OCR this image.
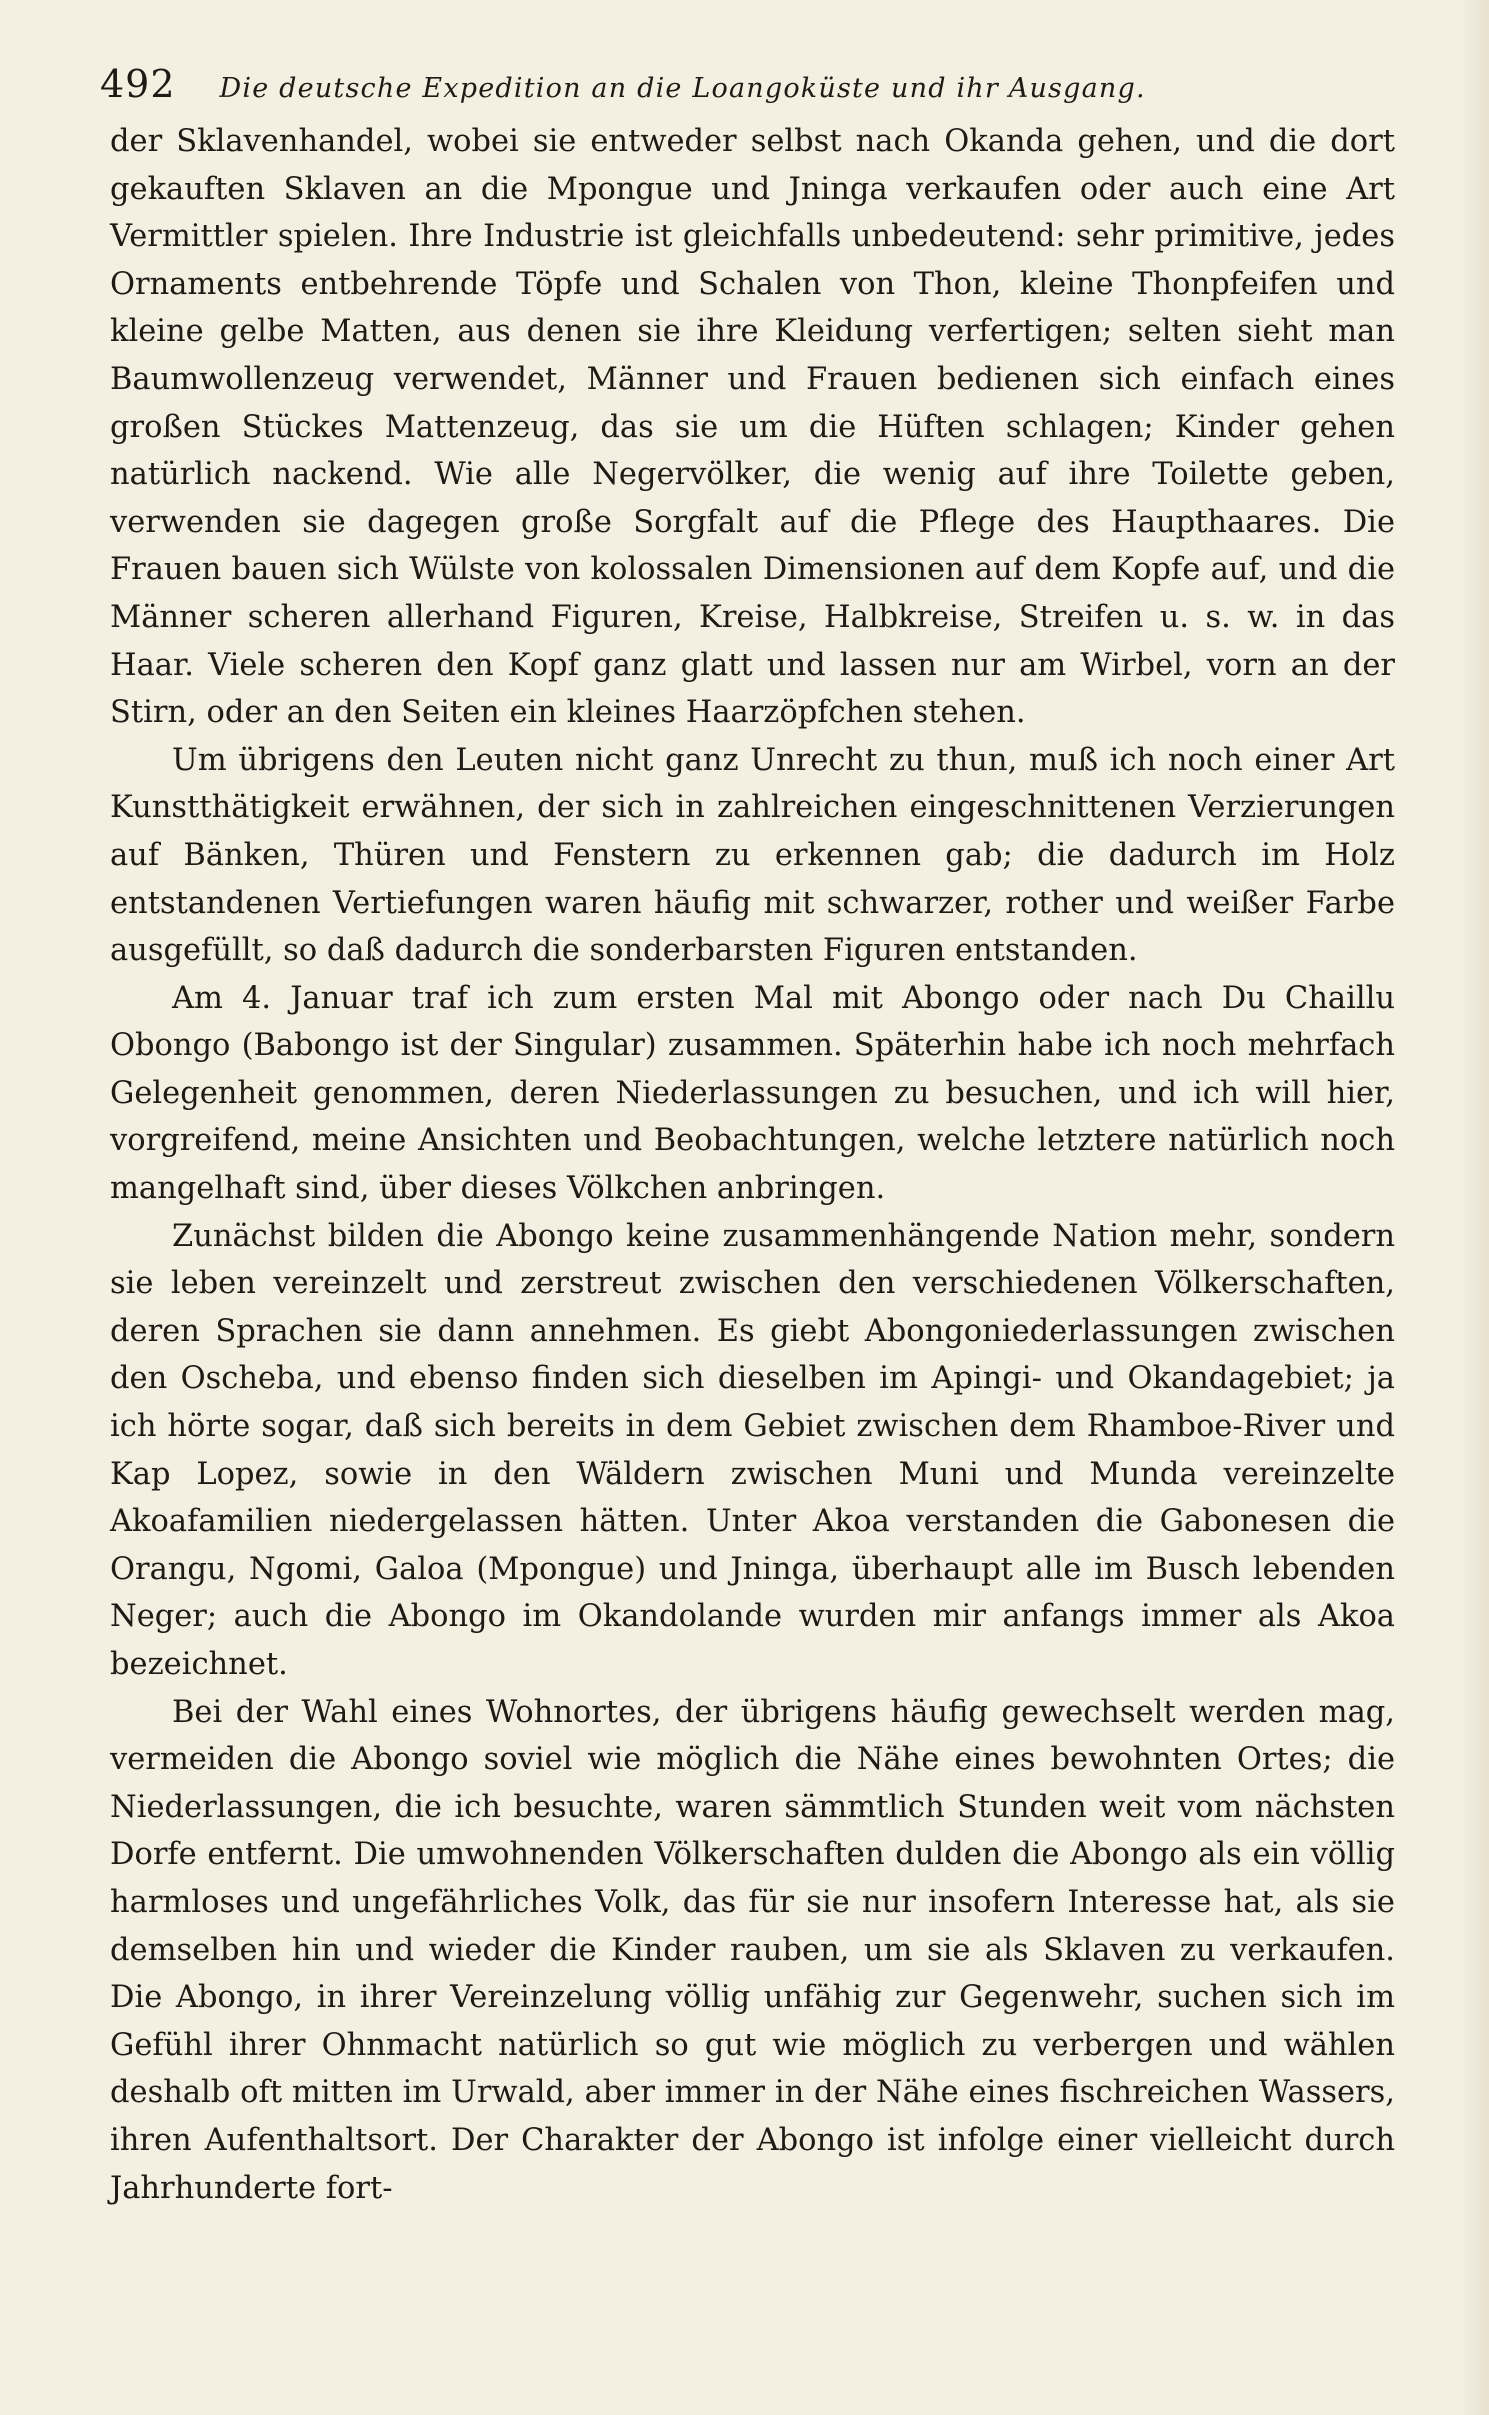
492 Die deutsche Expedition an die Loangoküste und ihr Ausgang.

der Sklavenhandel, wobei sie entweder selbst nach Okanda gehen, und die dort gekauften Sklaven an die Mpongue und Jninga verkaufen oder auch eine Art Vermittler spielen. Ihre Industrie ist gleichfalls unbedeutend: sehr primitive, jedes Ornaments entbehrende Töpfe und Schalen von Thon, kleine Thonpfeifen und kleine gelbe Matten, aus denen sie ihre Kleidung verfertigen; selten sieht man Baumwollenzeug verwendet, Männer und Frauen bedienen sich einfach eines großen Stückes Mattenzeug, das sie um die Hüften schlagen; Kinder gehen natürlich nackend. Wie alle Negervölker, die wenig auf ihre Toilette geben, verwenden sie dagegen große Sorgfalt auf die Pflege des Haupthaares. Die Frauen bauen sich Wülste von kolossalen Dimensionen auf dem Kopfe auf, und die Männer scheren allerhand Figuren, Kreise, Halbkreise, Streifen u. s. w. in das Haar. Viele scheren den Kopf ganz glatt und lassen nur am Wirbel, vorn an der Stirn, oder an den Seiten ein kleines Haarzöpfchen stehen.

Um übrigens den Leuten nicht ganz Unrecht zu thun, muß ich noch einer Art Kunstthätigkeit erwähnen, der sich in zahlreichen eingeschnittenen Verzierungen auf Bänken, Thüren und Fenstern zu erkennen gab; die dadurch im Holz entstandenen Vertiefungen waren häufig mit schwarzer, rother und weißer Farbe ausgefüllt, so daß dadurch die sonderbarsten Figuren entstanden.

Am 4. Januar traf ich zum ersten Mal mit Abongo oder nach Du Chaillu Obongo (Babongo ist der Singular) zusammen. Späterhin habe ich noch mehrfach Gelegenheit genommen, deren Niederlassungen zu besuchen, und ich will hier, vorgreifend, meine Ansichten und Beobachtungen, welche letztere natürlich noch mangelhaft sind, über dieses Völkchen anbringen.

Zunächst bilden die Abongo keine zusammenhängende Nation mehr, sondern sie leben vereinzelt und zerstreut zwischen den verschiedenen Völkerschaften, deren Sprachen sie dann annehmen. Es giebt Abongoniederlassungen zwischen den Oscheba, und ebenso finden sich dieselben im Apingi- und Okandagebiet; ja ich hörte sogar, daß sich bereits in dem Gebiet zwischen dem Rhamboe-River und Kap Lopez, sowie in den Wäldern zwischen Muni und Munda vereinzelte Akoafamilien niedergelassen hätten. Unter Akoa verstanden die Gabonesen die Orangu, Ngomi, Galoa (Mpongue) und Jninga, überhaupt alle im Busch lebenden Neger; auch die Abongo im Okandolande wurden mir anfangs immer als Akoa bezeichnet.

Bei der Wahl eines Wohnortes, der übrigens häufig gewechselt werden mag, vermeiden die Abongo soviel wie möglich die Nähe eines bewohnten Ortes; die Niederlassungen, die ich besuchte, waren sämmtlich Stunden weit vom nächsten Dorfe entfernt. Die umwohnenden Völkerschaften dulden die Abongo als ein völlig harmloses und ungefährliches Volk, das für sie nur insofern Interesse hat, als sie demselben hin und wieder die Kinder rauben, um sie als Sklaven zu verkaufen. Die Abongo, in ihrer Vereinzelung völlig unfähig zur Gegenwehr, suchen sich im Gefühl ihrer Ohnmacht natürlich so gut wie möglich zu verbergen und wählen deshalb oft mitten im Urwald, aber immer in der Nähe eines fischreichen Wassers, ihren Aufenthaltsort. Der Charakter der Abongo ist infolge einer vielleicht durch Jahrhunderte fort-
